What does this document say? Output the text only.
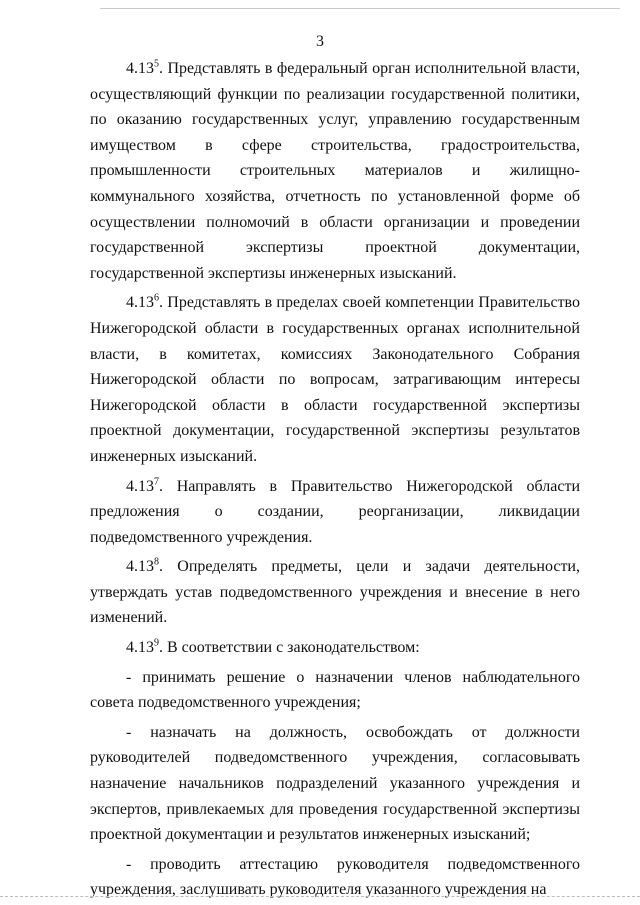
3

4.13$^5$. Представлять в федеральный орган исполнительной власти, осуществляющий функции по реализации государственной политики, по оказанию государственных услуг, управлению государственным имуществом в сфере строительства, градостроительства, промышленности строительных материалов и жилищно-коммунального хозяйства, отчетность по установленной форме об осуществлении полномочий в области организации и проведении государственной экспертизы проектной документации, государственной экспертизы инженерных изысканий.

4.13$^6$. Представлять в пределах своей компетенции Правительство Нижегородской области в государственных органах исполнительной власти, в комитетах, комиссиях Законодательного Собрания Нижегородской области по вопросам, затрагивающим интересы Нижегородской области в области государственной экспертизы проектной документации, государственной экспертизы результатов инженерных изысканий.

4.13$^7$. Направлять в Правительство Нижегородской области предложения о создании, реорганизации, ликвидации подведомственного учреждения.

4.13$^8$. Определять предметы, цели и задачи деятельности, утверждать устав подведомственного учреждения и внесение в него изменений.

4.13$^9$. В соответствии с законодательством:

- принимать решение о назначении членов наблюдательного совета подведомственного учреждения;

- назначать на должность, освобождать от должности руководителей подведомственного учреждения, согласовывать назначение начальников подразделений указанного учреждения и экспертов, привлекаемых для проведения государственной экспертизы проектной документации и результатов инженерных изысканий;

- проводить аттестацию руководителя подведомственного учреждения, заслушивать руководителя указанного учреждения на
